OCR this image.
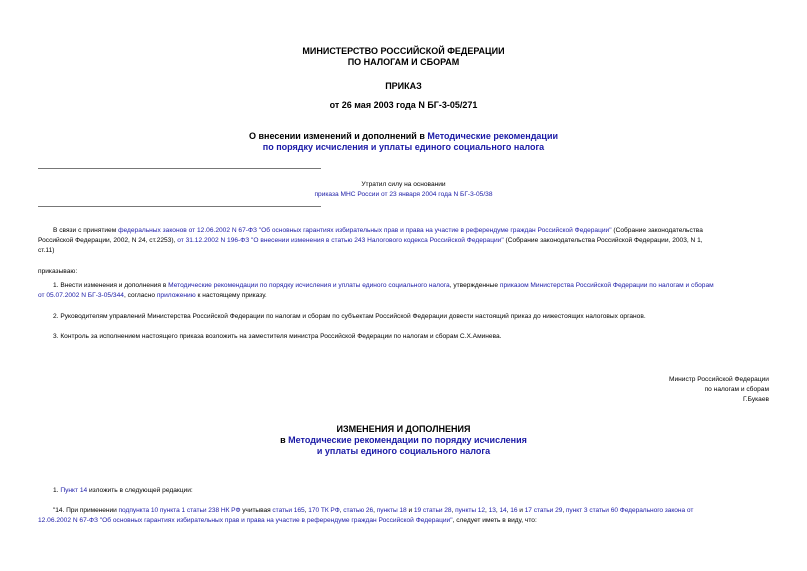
МИНИСТЕРСТВО РОССИЙСКОЙ ФЕДЕРАЦИИ
ПО НАЛОГАМ И СБОРАМ
ПРИКАЗ
от 26 мая 2003 года N БГ-3-05/271
О внесении изменений и дополнений в Методические рекомендации
по порядку исчисления и уплаты единого социального налога
Утратил силу на основании
приказа МНС России от 23 января 2004 года N БГ-3-05/38
В связи с принятием федеральных законов от 12.06.2002 N 67-ФЗ "Об основных гарантиях избирательных прав и права на участие в референдуме граждан Российской Федерации" (Собрание законодательства
Российской Федерации, 2002, N 24, ст.2253), от 31.12.2002 N 196-ФЗ "О внесении изменения в статью 243 Налогового кодекса Российской Федерации" (Собрание законодательства Российской Федерации, 2003, N 1,
ст.11)
приказываю:
1. Внести изменения и дополнения в Методические рекомендации по порядку исчисления и уплаты единого социального налога, утвержденные приказом Министерства Российской Федерации по налогам и сборам
от 05.07.2002 N БГ-3-05/344, согласно приложению к настоящему приказу.
2. Руководителям управлений Министерства Российской Федерации по налогам и сборам по субъектам Российской Федерации довести настоящий приказ до нижестоящих налоговых органов.
3. Контроль за исполнением настоящего приказа возложить на заместителя министра Российской Федерации по налогам и сборам С.Х.Аминева.
Министр Российской Федерации
по налогам и сборам
Г.Букаев
ИЗМЕНЕНИЯ И ДОПОЛНЕНИЯ
в Методические рекомендации по порядку исчисления
и уплаты единого социального налога
1. Пункт 14 изложить в следующей редакции:
"14. При применении подпункта 10 пункта 1 статьи 238 НК РФ учитывая статьи 165, 170 ТК РФ, статью 26, пункты 18 и 19 статьи 28, пункты 12, 13, 14, 16 и 17 статьи 29, пункт 3 статьи 60 Федерального закона от
12.06.2002 N 67-ФЗ "Об основных гарантиях избирательных прав и права на участие в референдуме граждан Российской Федерации", следует иметь в виду, что:
